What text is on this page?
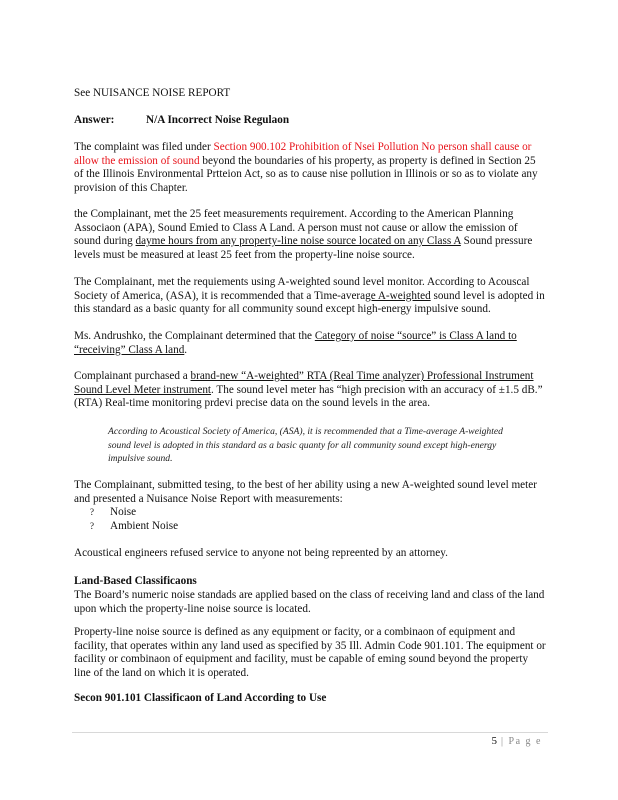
See NUISANCE NOISE REPORT
Answer:	N/A Incorrect Noise Regulaon
The complaint was filed under Section 900.102 Prohibition of Nsei Pollution No person shall cause or allow the emission of sound beyond the boundaries of his property, as property is defined in Section 25 of the Illinois Environmental Prtteion Act, so as to cause nise pollution in Illinois or so as to violate any provision of this Chapter.
the Complainant, met the 25 feet measurements requirement. According to the American Planning Associaon (APA), Sound Emied to Class A Land. A person must not cause or allow the emission of sound during dayme hours from any property-line noise source located on any Class A Sound pressure levels must be measured at least 25 feet from the property-line noise source.
The Complainant, met the requiements using A-weighted sound level monitor. According to Acouscal Society of America, (ASA), it is recommended that a Time-average A-weighted sound level is adopted in this standard as a basic quanty for all community sound except high-energy impulsive sound.
Ms. Andrushko, the Complainant determined that the Category of noise “source” is Class A land to “receiving” Class A land.
Complainant purchased a brand-new “A-weighted” RTA (Real Time analyzer) Professional Instrument Sound Level Meter instrument. The sound level meter has “high precision with an accuracy of ±1.5 dB.” (RTA) Real-time monitoring prdevi precise data on the sound levels in the area.
According to Acoustical Society of America, (ASA), it is recommended that a Time-average A-weighted sound level is adopted in this standard as a basic quanty for all community sound except high-energy impulsive sound.
The Complainant, submitted tesing, to the best of her ability using a new A-weighted sound level meter and presented a Nuisance Noise Report with measurements:
?	Noise
?	Ambient Noise
Acoustical engineers refused service to anyone not being repreented by an attorney.
Land-Based Classificaons
The Board’s numeric noise standads are applied based on the class of receiving land and class of the land upon which the property-line noise source is located.
Property-line noise source is defined as any equipment or facity, or a combinaon of equipment and facility, that operates within any land used as specified by 35 Ill. Admin Code 901.101. The equipment or facility or combinaon of equipment and facility, must be capable of eming sound beyond the property line of the land on which it is operated.
Secon 901.101 Classificaon of Land According to Use
5 | Pa g e
